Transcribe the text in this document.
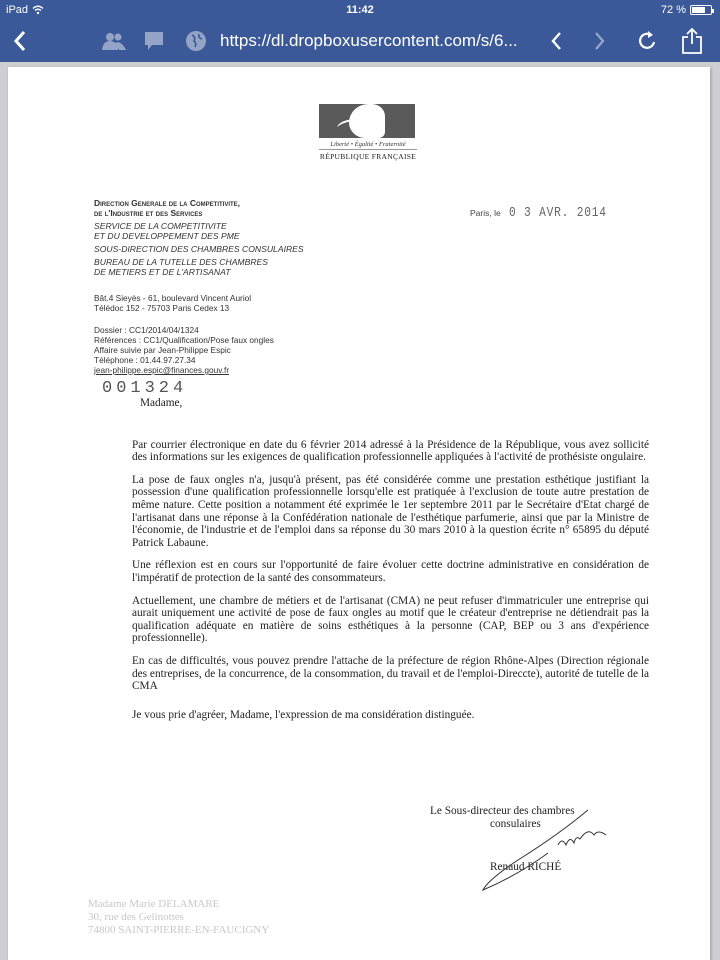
iPad	11:42	72 %
https://dl.dropboxusercontent.com/s/6...
Liberté • Égalité • Fraternité
RÉPUBLIQUE FRANÇAISE
Direction Generale de la Competitivite,
de l'Industrie et des Services
SERVICE DE LA COMPETITIVITE
ET DU DEVELOPPEMENT DES PME
SOUS-DIRECTION DES CHAMBRES CONSULAIRES
BUREAU DE LA TUTELLE DES CHAMBRES
DE METIERS ET DE L'ARTISANAT
Bât.4 Sieyès - 61, boulevard Vincent Auriol
Télédoc 152 - 75703 Paris Cedex 13
Dossier : CC1/2014/04/1324
Références : CC1/Qualification/Pose faux ongles
Affaire suivie par Jean-Philippe Espic
Téléphone : 01.44.97.27.34
jean-philippe.espic@finances.gouv.fr
Paris, le 0 3 AVR. 2014
001324
Madame,

Par courrier électronique en date du 6 février 2014 adressé à la Présidence de la République, vous avez sollicité des informations sur les exigences de qualification professionnelle appliquées à l'activité de prothésiste ongulaire.

La pose de faux ongles n'a, jusqu'à présent, pas été considérée comme une prestation esthétique justifiant la possession d'une qualification professionnelle lorsqu'elle est pratiquée à l'exclusion de toute autre prestation de même nature. Cette position a notamment été exprimée le 1er septembre 2011 par le Secrétaire d'Etat chargé de l'artisanat dans une réponse à la Confédération nationale de l'esthétique parfumerie, ainsi que par la Ministre de l'économie, de l'industrie et de l'emploi dans sa réponse du 30 mars 2010 à la question écrite n° 65895 du député Patrick Labaune.

Une réflexion est en cours sur l'opportunité de faire évoluer cette doctrine administrative en considération de l'impératif de protection de la santé des consommateurs.

Actuellement, une chambre de métiers et de l'artisanat (CMA) ne peut refuser d'immatriculer une entreprise qui aurait uniquement une activité de pose de faux ongles au motif que le créateur d'entreprise ne détiendrait pas la qualification adéquate en matière de soins esthétiques à la personne (CAP, BEP ou 3 ans d'expérience professionnelle).

En cas de difficultés, vous pouvez prendre l'attache de la préfecture de région Rhône-Alpes (Direction régionale des entreprises, de la concurrence, de la consommation, du travail et de l'emploi-Direccte), autorité de tutelle de la CMA

Je vous prie d'agréer, Madame, l'expression de ma considération distinguée.

Le Sous-directeur des chambres
consulaires
Renaud RICHÉ
Madame Marie DELAMARE
30, rue des Gelinottes
74800 SAINT-PIERRE-EN-FAUCIGNY
